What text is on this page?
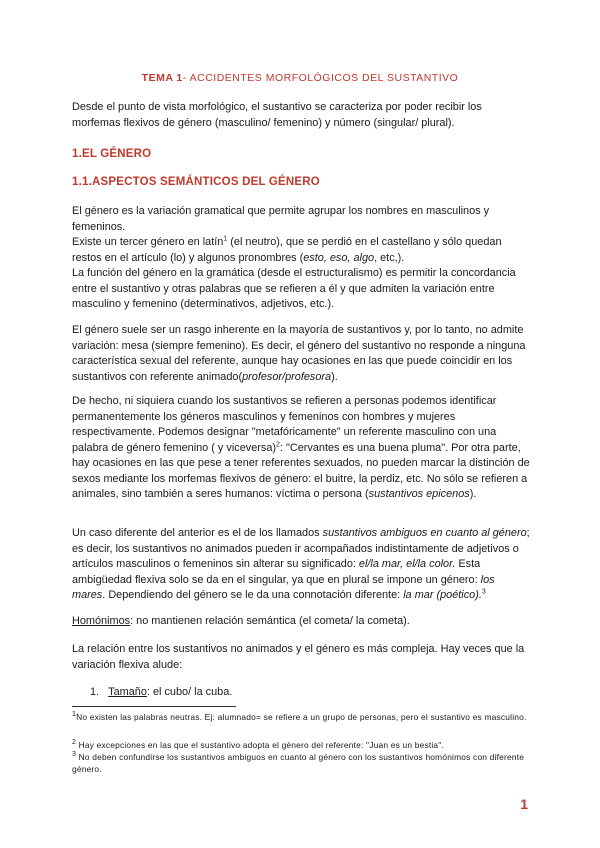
TEMA 1- ACCIDENTES MORFOLÓGICOS DEL SUSTANTIVO

Desde el punto de vista morfológico, el sustantivo se caracteriza por poder recibir los morfemas flexivos de género (masculino/ femenino) y número (singular/ plural).

1.EL GÉNERO
1.1.ASPECTOS SEMÁNTICOS DEL GÉNERO

El género es la variación gramatical que permite agrupar los nombres en masculinos y femeninos.

Existe un tercer género en latín$^1$ (el neutro), que se perdió en el castellano y sólo quedan restos en el artículo (lo) y algunos pronombres (esto, eso, algo, etc,).

La función del género en la gramática (desde el estructuralismo) es permitir la concordancia entre el sustantivo y otras palabras que se refieren a él y que admiten la variación entre masculino y femenino (determinativos, adjetivos, etc.).

El género suele ser un rasgo inherente en la mayoría de sustantivos y, por lo tanto, no admite variación: mesa (siempre femenino). Es decir, el género del sustantivo no responde a ninguna característica sexual del referente, aunque hay ocasiones en las que puede coincidir en los sustantivos con referente animado(profesor/profesora).

De hecho, ni siquiera cuando los sustantivos se refieren a personas podemos identificar permanentemente los géneros masculinos y femeninos con hombres y mujeres respectivamente. Podemos designar "metafóricamente" un referente masculino con una palabra de género femenino ( y viceversa)$^2$: "Cervantes es una buena pluma". Por otra parte, hay ocasiones en las que pese a tener referentes sexuados, no pueden marcar la distinción de sexos mediante los morfemas flexivos de género: el buitre, la perdiz, etc. No sólo se refieren a animales, sino también a seres humanos: víctima o persona (sustantivos epicenos).

Un caso diferente del anterior es el de los llamados sustantivos ambiguos en cuanto al género; es decir, los sustantivos no animados pueden ir acompañados indistintamente de adjetivos o artículos masculinos o femeninos sin alterar su significado: el/la mar, el/la color. Esta ambigüedad flexiva solo se da en el singular, ya que en plural se impone un género: los mares. Dependiendo del género se le da una connotación diferente: la mar (poético).$^3$

Homónimos: no mantienen relación semántica (el cometa/ la cometa).

La relación entre los sustantivos no animados y el género es más compleja. Hay veces que la variación flexiva alude:

1. Tamaño: el cubo/ la cuba.
$^1$No existen las palabras neutras. Ej: alumnado= se refiere a un grupo de personas, pero el sustantivo es masculino.
$^2$ Hay excepciones en las que el sustantivo adopta el género del referente: "Juan es un bestia".
$^3$ No deben confundirse los sustantivos ambiguos en cuanto al género con los sustantivos homónimos con diferente género.
1
